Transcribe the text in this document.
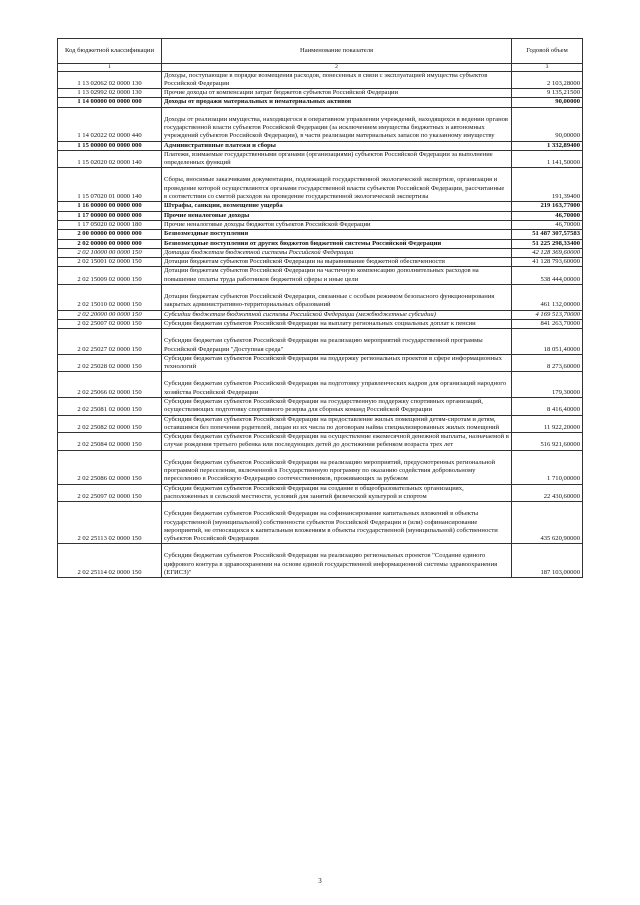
Код бюджетной классификации	Наименование показателя	Годовой объем
1	2	3
1 13 02062 02 0000 130	Доходы, поступающие в порядке возмещения расходов, понесенных в связи с эксплуатацией имущества субъектов Российской Федерации	2 103,28000
1 13 02992 02 0000 130	Прочие доходы от компенсации затрат бюджетов субъектов Российской Федерации	9 135,21500
1 14 00000 00 0000 000	Доходы от продажи материальных и нематериальных активов	90,00000
1 14 02022 02 0000 440	Доходы от реализации имущества, находящегося в оперативном управлении учреждений, находящихся в ведении органов государственной власти субъектов Российской Федерации (за исключением имущества бюджетных и автономных учреждений субъектов Российской Федерации), в части реализации материальных запасов по указанному имуществу	90,00000
1 15 00000 00 0000 000	Административные платежи и сборы	1 332,89400
1 15 02020 02 0000 140	Платежи, взимаемые государственными органами (организациями) субъектов Российской Федерации за выполнение определенных функций	1 141,50000
1 15 07020 01 0000 140	Сборы, вносимые заказчиками документации, подлежащей государственной экологической экспертизе, организация и проведение которой осуществляются органами государственной власти субъектов Российской Федерации, рассчитанные в соответствии со сметой расходов на проведение государственной экологической экспертизы	191,39400
1 16 00000 00 0000 000	Штрафы, санкции, возмещение ущерба	219 163,77000
1 17 00000 00 0000 000	Прочие неналоговые доходы	46,70000
1 17 05020 02 0000 180	Прочие неналоговые доходы бюджетов субъектов Российской Федерации	46,70000
2 00 00000 00 0000 000	Безвозмездные поступления	51 487 307,57583
2 02 00000 00 0000 000	Безвозмездные поступления от других бюджетов бюджетной системы Российской Федерации	51 225 298,33400
2 02 10000 00 0000 150	Дотации бюджетам бюджетной системы Российской Федерации	42 128 369,60000
2 02 15001 02 0000 150	Дотации бюджетам субъектов Российской Федерации на выравнивание бюджетной обеспеченности	41 128 793,60000
2 02 15009 02 0000 150	Дотации бюджетам субъектов Российской Федерации на частичную компенсацию дополнительных расходов на повышение оплаты труда работников бюджетной сферы и иные цели	538 444,00000
2 02 15010 02 0000 150	Дотации бюджетам субъектов Российской Федерации, связанные с особым режимом безопасного функционирования закрытых административно-территориальных образований	461 132,00000
2 02 20000 00 0000 150	Субсидии бюджетам бюджетной системы Российской Федерации (межбюджетные субсидии)	4 169 513,70000
2 02 25007 02 0000 150	Субсидии бюджетам субъектов Российской Федерации на выплату региональных социальных доплат к пенсии	841 263,70000
2 02 25027 02 0000 150	Субсидии бюджетам субъектов Российской Федерации на реализацию мероприятий государственной программы Российской Федерации "Доступная среда"	18 051,40000
2 02 25028 02 0000 150	Субсидии бюджетам субъектов Российской Федерации на поддержку региональных проектов в сфере информационных технологий	8 273,60000
2 02 25066 02 0000 150	Субсидии бюджетам субъектов Российской Федерации на подготовку управленческих кадров для организаций народного хозяйства Российской Федерации	179,30000
2 02 25081 02 0000 150	Субсидии бюджетам субъектов Российской Федерации на государственную поддержку спортивных организаций, осуществляющих подготовку спортивного резерва для сборных команд Российской Федерации	8 416,40000
2 02 25082 02 0000 150	Субсидии бюджетам субъектов Российской Федерации на предоставление жилых помещений детям-сиротам и детям, оставшимся без попечения родителей, лицам из их числа по договорам найма специализированных жилых помещений	11 922,20000
2 02 25084 02 0000 150	Субсидии бюджетам субъектов Российской Федерации на осуществление ежемесячной денежной выплаты, назначаемой в случае рождения третьего ребенка или последующих детей до достижения ребенком возраста трех лет	516 921,60000
2 02 25086 02 0000 150	Субсидии бюджетам субъектов Российской Федерации на реализацию мероприятий, предусмотренных региональной программой переселения, включенной в Государственную программу по оказанию содействия добровольному переселению в Российскую Федерацию соотечественников, проживающих за рубежом	1 710,00000
2 02 25097 02 0000 150	Субсидии бюджетам субъектов Российской Федерации на создание в общеобразовательных организациях, расположенных в сельской местности, условий для занятий физической культурой и спортом	22 430,60000
2 02 25113 02 0000 150	Субсидии бюджетам субъектов Российской Федерации на софинансирование капитальных вложений в объекты государственной (муниципальной) собственности субъектов Российской Федерации и (или) софинансирование мероприятий, не относящихся к капитальным вложениям в объекты государственной (муниципальной) собственности субъектов Российской Федерации	435 620,90000
2 02 25114 02 0000 150	Субсидии бюджетам субъектов Российской Федерации на реализацию региональных проектов "Создание единого цифрового контура в здравоохранении на основе единой государственной информационной системы здравоохранения (ЕГИСЗ)"	187 103,00000
3
